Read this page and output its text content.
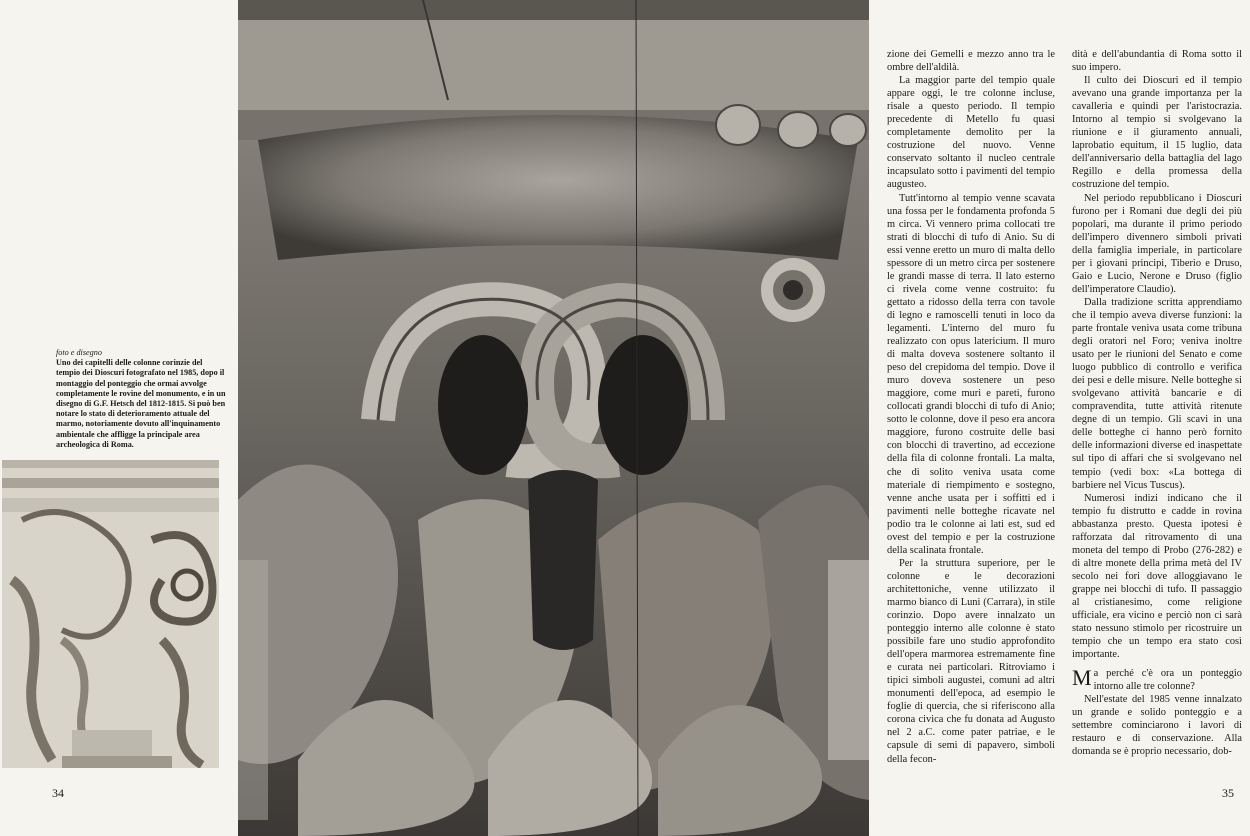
foto e disegno
Uno dei capitelli delle colonne corinzie del tempio dei Dioscuri fotografato nel 1985, dopo il montaggio del ponteggio che ormai avvolge completamente le rovine del monumento, e in un disegno di G.F. Hetsch del 1812-1815. Si può ben notare lo stato di deterioramento attuale del marmo, notoriamente dovuto all'inquinamento ambientale che affligge la principale area archeologica di Roma.
34

zione dei Gemelli e mezzo anno tra le ombre dell'aldilà.

La maggior parte del tempio quale appare oggi, le tre colonne incluse, risale a questo periodo. Il tempio precedente di Metello fu quasi completamente demolito per la costruzione del nuovo. Venne conservato soltanto il nucleo centrale incapsulato sotto i pavimenti del tempio augusteo.

Tutt'intorno al tempio venne scavata una fossa per le fondamenta profonda 5 m circa. Vi vennero prima collocati tre strati di blocchi di tufo di Anio. Su di essi venne eretto un muro di malta dello spessore di un metro circa per sostenere le grandi masse di terra. Il lato esterno ci rivela come venne costruito: fu gettato a ridosso della terra con tavole di legno e ramoscelli tenuti in loco da legamenti. L'interno del muro fu realizzato con opus latericium. Il muro di malta doveva sostenere soltanto il peso del crepidoma del tempio. Dove il muro doveva sostenere un peso maggiore, come muri e pareti, furono collocati grandi blocchi di tufo di Anio; sotto le colonne, dove il peso era ancora maggiore, furono costruite delle basi con blocchi di travertino, ad eccezione della fila di colonne frontali. La malta, che di solito veniva usata come materiale di riempimento e sostegno, venne anche usata per i soffitti ed i pavimenti nelle botteghe ricavate nel podio tra le colonne ai lati est, sud ed ovest del tempio e per la costruzione della scalinata frontale.

Per la struttura superiore, per le colonne e le decorazioni architettoniche, venne utilizzato il marmo bianco di Luni (Carrara), in stile corinzio. Dopo avere innalzato un ponteggio interno alle colonne è stato possibile fare uno studio approfondito dell'opera marmorea estremamente fine e curata nei particolari. Ritroviamo i tipici simboli augustei, comuni ad altri monumenti dell'epoca, ad esempio le foglie di quercia, che si riferiscono alla corona civica che fu donata ad Augusto nel 2 a.C. come pater patriae, e le capsule di semi di papavero, simboli della fecon-

dità e dell'abundantia di Roma sotto il suo impero.

Il culto dei Dioscuri ed il tempio avevano una grande importanza per la cavalleria e quindi per l'aristocrazia. Intorno al tempio si svolgevano la riunione e il giuramento annuali, laprobatio equitum, il 15 luglio, data dell'anniversario della battaglia del lago Regillo e della promessa della costruzione del tempio.

Nel periodo repubblicano i Dioscuri furono per i Romani due degli dei più popolari, ma durante il primo periodo dell'impero divennero simboli privati della famiglia imperiale, in particolare per i giovani principi, Tiberio e Druso, Gaio e Lucio, Nerone e Druso (figlio dell'imperatore Claudio).

Dalla tradizione scritta apprendiamo che il tempio aveva diverse funzioni: la parte frontale veniva usata come tribuna degli oratori nel Foro; veniva inoltre usato per le riunioni del Senato e come luogo pubblico di controllo e verifica dei pesi e delle misure. Nelle botteghe si svolgevano attività bancarie e di compravendita, tutte attività ritenute degne di un tempio. Gli scavi in una delle botteghe ci hanno però fornito delle informazioni diverse ed inaspettate sul tipo di affari che si svolgevano nel tempio (vedi box: «La bottega di barbiere nel Vicus Tuscus).

Numerosi indizi indicano che il tempio fu distrutto e cadde in rovina abbastanza presto. Questa ipotesi è rafforzata dal ritrovamento di una moneta del tempo di Probo (276-282) e di altre monete della prima metà del IV secolo nei fori dove alloggiavano le grappe nei blocchi di tufo. Il passaggio al cristianesimo, come religione ufficiale, era vicino e perciò non ci sarà stato nessuno stimolo per ricostruire un tempio che un tempo era stato così importante.

Ma perché c'è ora un ponteggio intorno alle tre colonne?

Nell'estate del 1985 venne innalzato un grande e solido ponteggio e a settembre cominciarono i lavori di restauro e di conservazione. Alla domanda se è proprio necessario, dob-

35
